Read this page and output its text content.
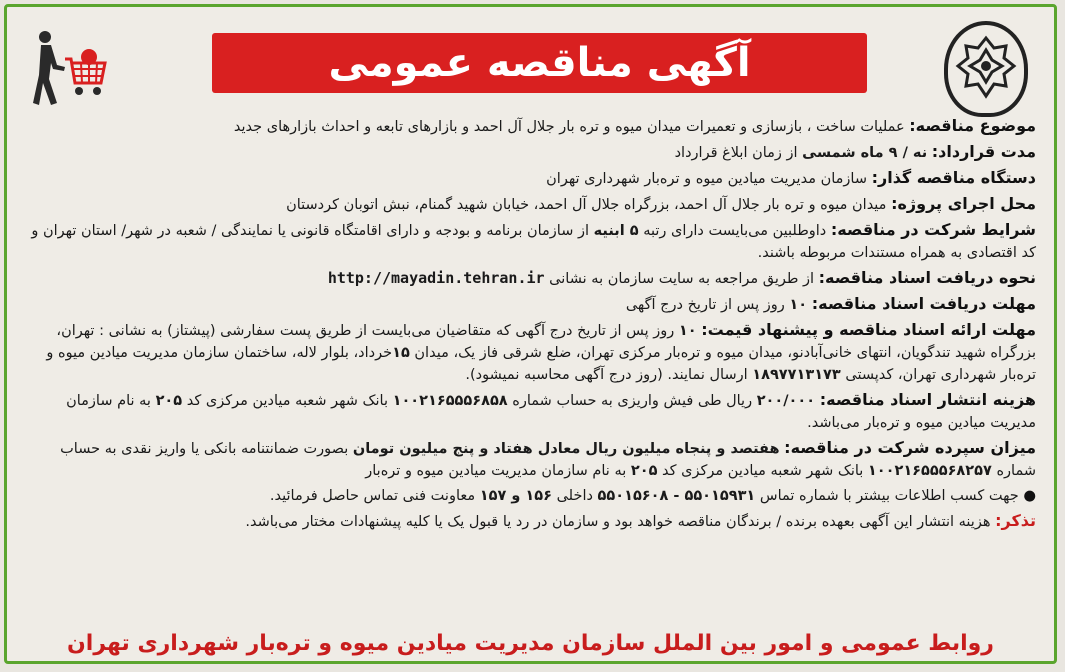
آگهی مناقصه عمومی
موضوع مناقصه: عملیات ساخت ، بازسازی و تعمیرات میدان میوه و تره بار جلال آل احمد و بازارهای تابعه و احداث بازارهای جدید
مدت قرارداد: نه / ۹ ماه شمسی از زمان ابلاغ قرارداد
دستگاه مناقصه گذار: سازمان مدیریت میادین میوه و تره‌بار شهرداری تهران
محل اجرای پروژه: میدان میوه و تره بار جلال آل احمد، بزرگراه جلال آل احمد، خیابان شهید گمنام، نبش اتوبان کردستان
شرایط شرکت در مناقصه: داوطلبین می‌بایست دارای رتبه ۵ ابنیه از سازمان برنامه و بودجه و دارای اقامتگاه قانونی یا نمایندگی / شعبه در شهر/ استان تهران و کد اقتصادی به همراه مستندات مربوطه باشند.
نحوه دریافت اسناد مناقصه: از طریق مراجعه به سایت سازمان به نشانی http://mayadin.tehran.ir
مهلت دریافت اسناد مناقصه: ۱۰ روز پس از تاریخ درج آگهی
مهلت ارائه اسناد مناقصه و پیشنهاد قیمت: ۱۰ روز پس از تاریخ درج آگهی که متقاضیان می‌بایست از طریق پست سفارشی (پیشتاز) به نشانی : تهران، بزرگراه شهید تندگویان، انتهای خانی‌آبادنو، میدان میوه و تره‌بار مرکزی تهران، ضلع شرقی فاز یک، میدان ۱۵خرداد، بلوار لاله، ساختمان سازمان مدیریت میادین میوه و تره‌بار شهرداری تهران، کدپستی ۱۸۹۷۷۱۳۱۷۳ ارسال نمایند. (روز درج آگهی محاسبه نمیشود).
هزینه انتشار اسناد مناقصه: ۲۰۰/۰۰۰ ریال طی فیش واریزی به حساب شماره ۱۰۰۲۱۶۵۵۵۶۸۵۸ بانک شهر شعبه میادین مرکزی کد ۲۰۵ به نام سازمان مدیریت میادین میوه و تره‌بار می‌باشد.
میزان سپرده شرکت در مناقصه: هفتصد و پنجاه میلیون ریال معادل هفتاد و پنج میلیون تومان بصورت ضمانتنامه بانکی یا واریز نقدی به حساب شماره ۱۰۰۲۱۶۵۵۵۶۸۲۵۷ بانک شهر شعبه میادین مرکزی کد ۲۰۵ به نام سازمان مدیریت میادین میوه و تره‌بار
● جهت کسب اطلاعات بیشتر با شماره تماس ۵۵۰۱۵۹۳۱ - ۵۵۰۱۵۶۰۸ داخلی ۱۵۶ و ۱۵۷ معاونت فنی تماس حاصل فرمائید.
تذکر: هزینه انتشار این آگهی بعهده برنده / برندگان مناقصه خواهد بود و سازمان در رد یا قبول یک یا کلیه پیشنهادات مختار می‌باشد.
روابط عمومی و امور بین الملل سازمان مدیریت میادین میوه و تره‌بار شهرداری تهران
